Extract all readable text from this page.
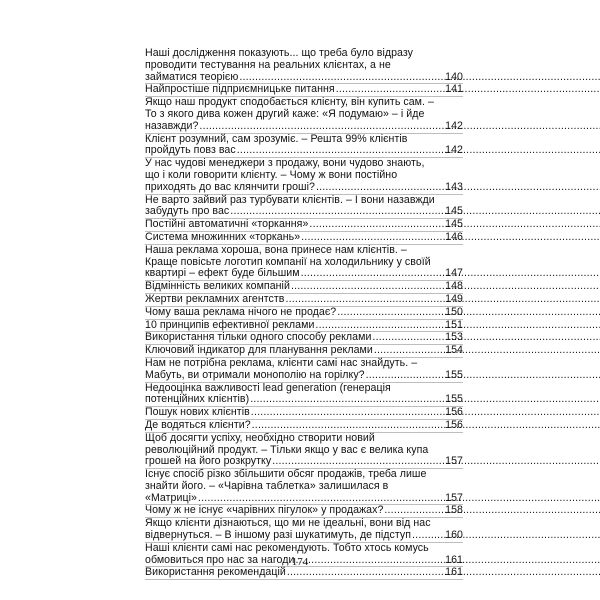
Наші дослідження показують... що треба було відразу
проводити тестування на реальних клієнтах, а не
займатися теорією .....	140
Найпростіше підприємницьке питання .....	141
Якщо наш продукт сподобається клієнту, він купить сам. –
То з якого дива кожен другий каже: «Я подумаю» – і йде
назавжди? .....	142
Клієнт розумний, сам зрозуміє. – Решта 99% клієнтів
пройдуть повз вас .....	142
У нас чудові менеджери з продажу, вони чудово знають,
що і коли говорити клієнту. – Чому ж вони постійно
приходять до вас клянчити гроші? .....	143
Не варто зайвий раз турбувати клієнтів. – І вони назавжди
забудуть про вас .....	145
Постійні автоматичні «торкання» .....	145
Система множинних «торкань» .....	146
Наша реклама хороша, вона принесе нам клієнтів. –
Краще повісьте логотип компанії на холодильнику у своїй
квартирі – ефект буде більшим .....	147
Відмінність великих компаній .....	148
Жертви рекламних агентств .....	149
Чому ваша реклама нічого не продає? .....	150
10 принципів ефективної реклами .....	151
Використання тільки одного способу реклами .....	153
Ключовий індикатор для планування реклами .....	154
Нам не потрібна реклама, клієнти самі нас знайдуть. –
Мабуть, ви отримали монополію на горілку? .....	155
Недооцінка важливості lead generation (генерація
потенційних клієнтів) .....	155
Пошук нових клієнтів .....	156
Де водяться клієнти? .....	156
Щоб досягти успіху, необхідно створити новий
революційний продукт. – Тільки якщо у вас є велика купа
грошей на його розкрутку .....	157
Існує спосіб різко збільшити обсяг продажів, треба лише
знайти його. – «Чарівна таблетка» залишилася в
«Матриці» .....	157
Чому ж не існує «чарівних пігулок» у продажах? .....	158
Якщо клієнти дізнаються, що ми не ідеальні, вони від нас
відвернуться. – В іншому разі шукатимуть, де підступ .....	160
Наші клієнти самі нас рекомендують. Тобто хтось комусь
обмовиться про нас за нагоди .....	161
Використання рекомендацій .....	161
174
